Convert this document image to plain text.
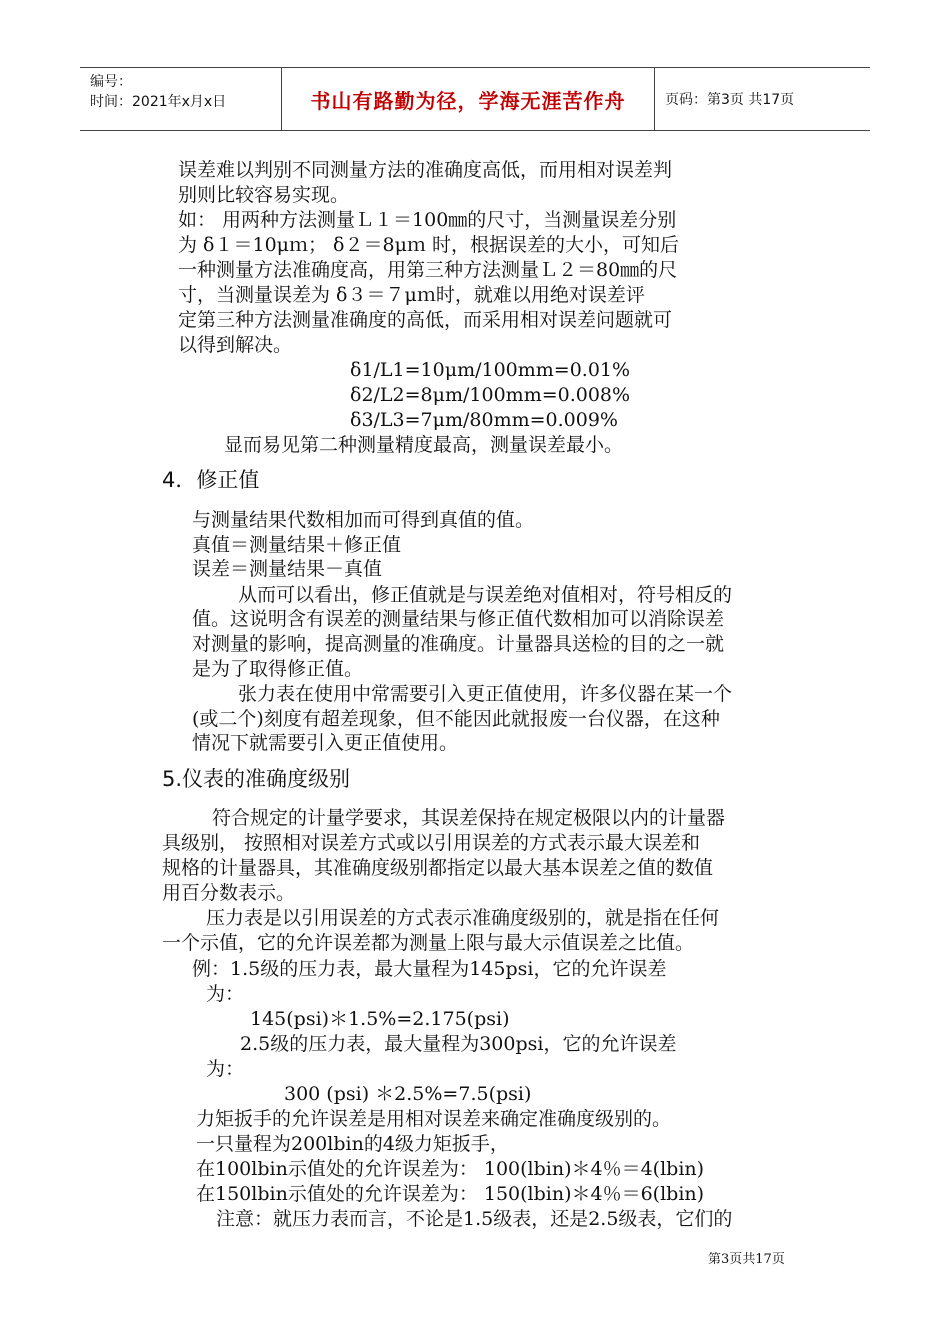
编号：
时间：2021年x月x日	书山有路勤为径，学海无涯苦作舟	页码：第3页 共17页
误差难以判别不同测量方法的准确度高低，而用相对误差判
别则比较容易实现。
如： 用两种方法测量Ｌ１＝100㎜的尺寸，当测量误差分别
为 δ１＝10μｍ； δ２＝8μｍ 时，根据误差的大小，可知后
一种测量方法准确度高，用第三种方法测量Ｌ２＝80㎜的尺
寸，当测量误差为 δ３＝７μｍ时，就难以用绝对误差评
定第三种方法测量准确度的高低，而采用相对误差问题就可
以得到解决。
δ1/L1=10μm/100mm=0.01%
δ2/L2=8μm/100mm=0.008%
δ3/L3=7μm/80mm=0.009%
显而易见第二种测量精度最高，测量误差最小。
4．修正值
与测量结果代数相加而可得到真值的值。
真值＝测量结果＋修正值
误差＝测量结果－真值
从而可以看出，修正值就是与误差绝对值相对，符号相反的
值。这说明含有误差的测量结果与修正值代数相加可以消除误差
对测量的影响，提高测量的准确度。计量器具送检的目的之一就
是为了取得修正值。
张力表在使用中常需要引入更正值使用，许多仪器在某一个
(或二个)刻度有超差现象，但不能因此就报废一台仪器，在这种
情况下就需要引入更正值使用。
5.仪表的准确度级别
符合规定的计量学要求，其误差保持在规定极限以内的计量器
具级别， 按照相对误差方式或以引用误差的方式表示最大误差和
规格的计量器具，其准确度级别都指定以最大基本误差之值的数值
用百分数表示。
压力表是以引用误差的方式表示准确度级别的，就是指在任何
一个示值，它的允许误差都为测量上限与最大示值误差之比值。
例：1.5级的压力表，最大量程为145psi，它的允许误差
为：
145(psi)＊1.5%=2.175(psi)
2.5级的压力表，最大量程为300psi，它的允许误差
为：
300 (psi) ＊2.5%=7.5(psi)
力矩扳手的允许误差是用相对误差来确定准确度级别的。
一只量程为200lbin的4级力矩扳手，
在100lbin示值处的允许误差为： 100(lbin)＊4％＝4(lbin)
在150lbin示值处的允许误差为： 150(lbin)＊4％＝6(lbin)
注意：就压力表而言，不论是1.5级表，还是2.5级表，它们的
第3页共17页
